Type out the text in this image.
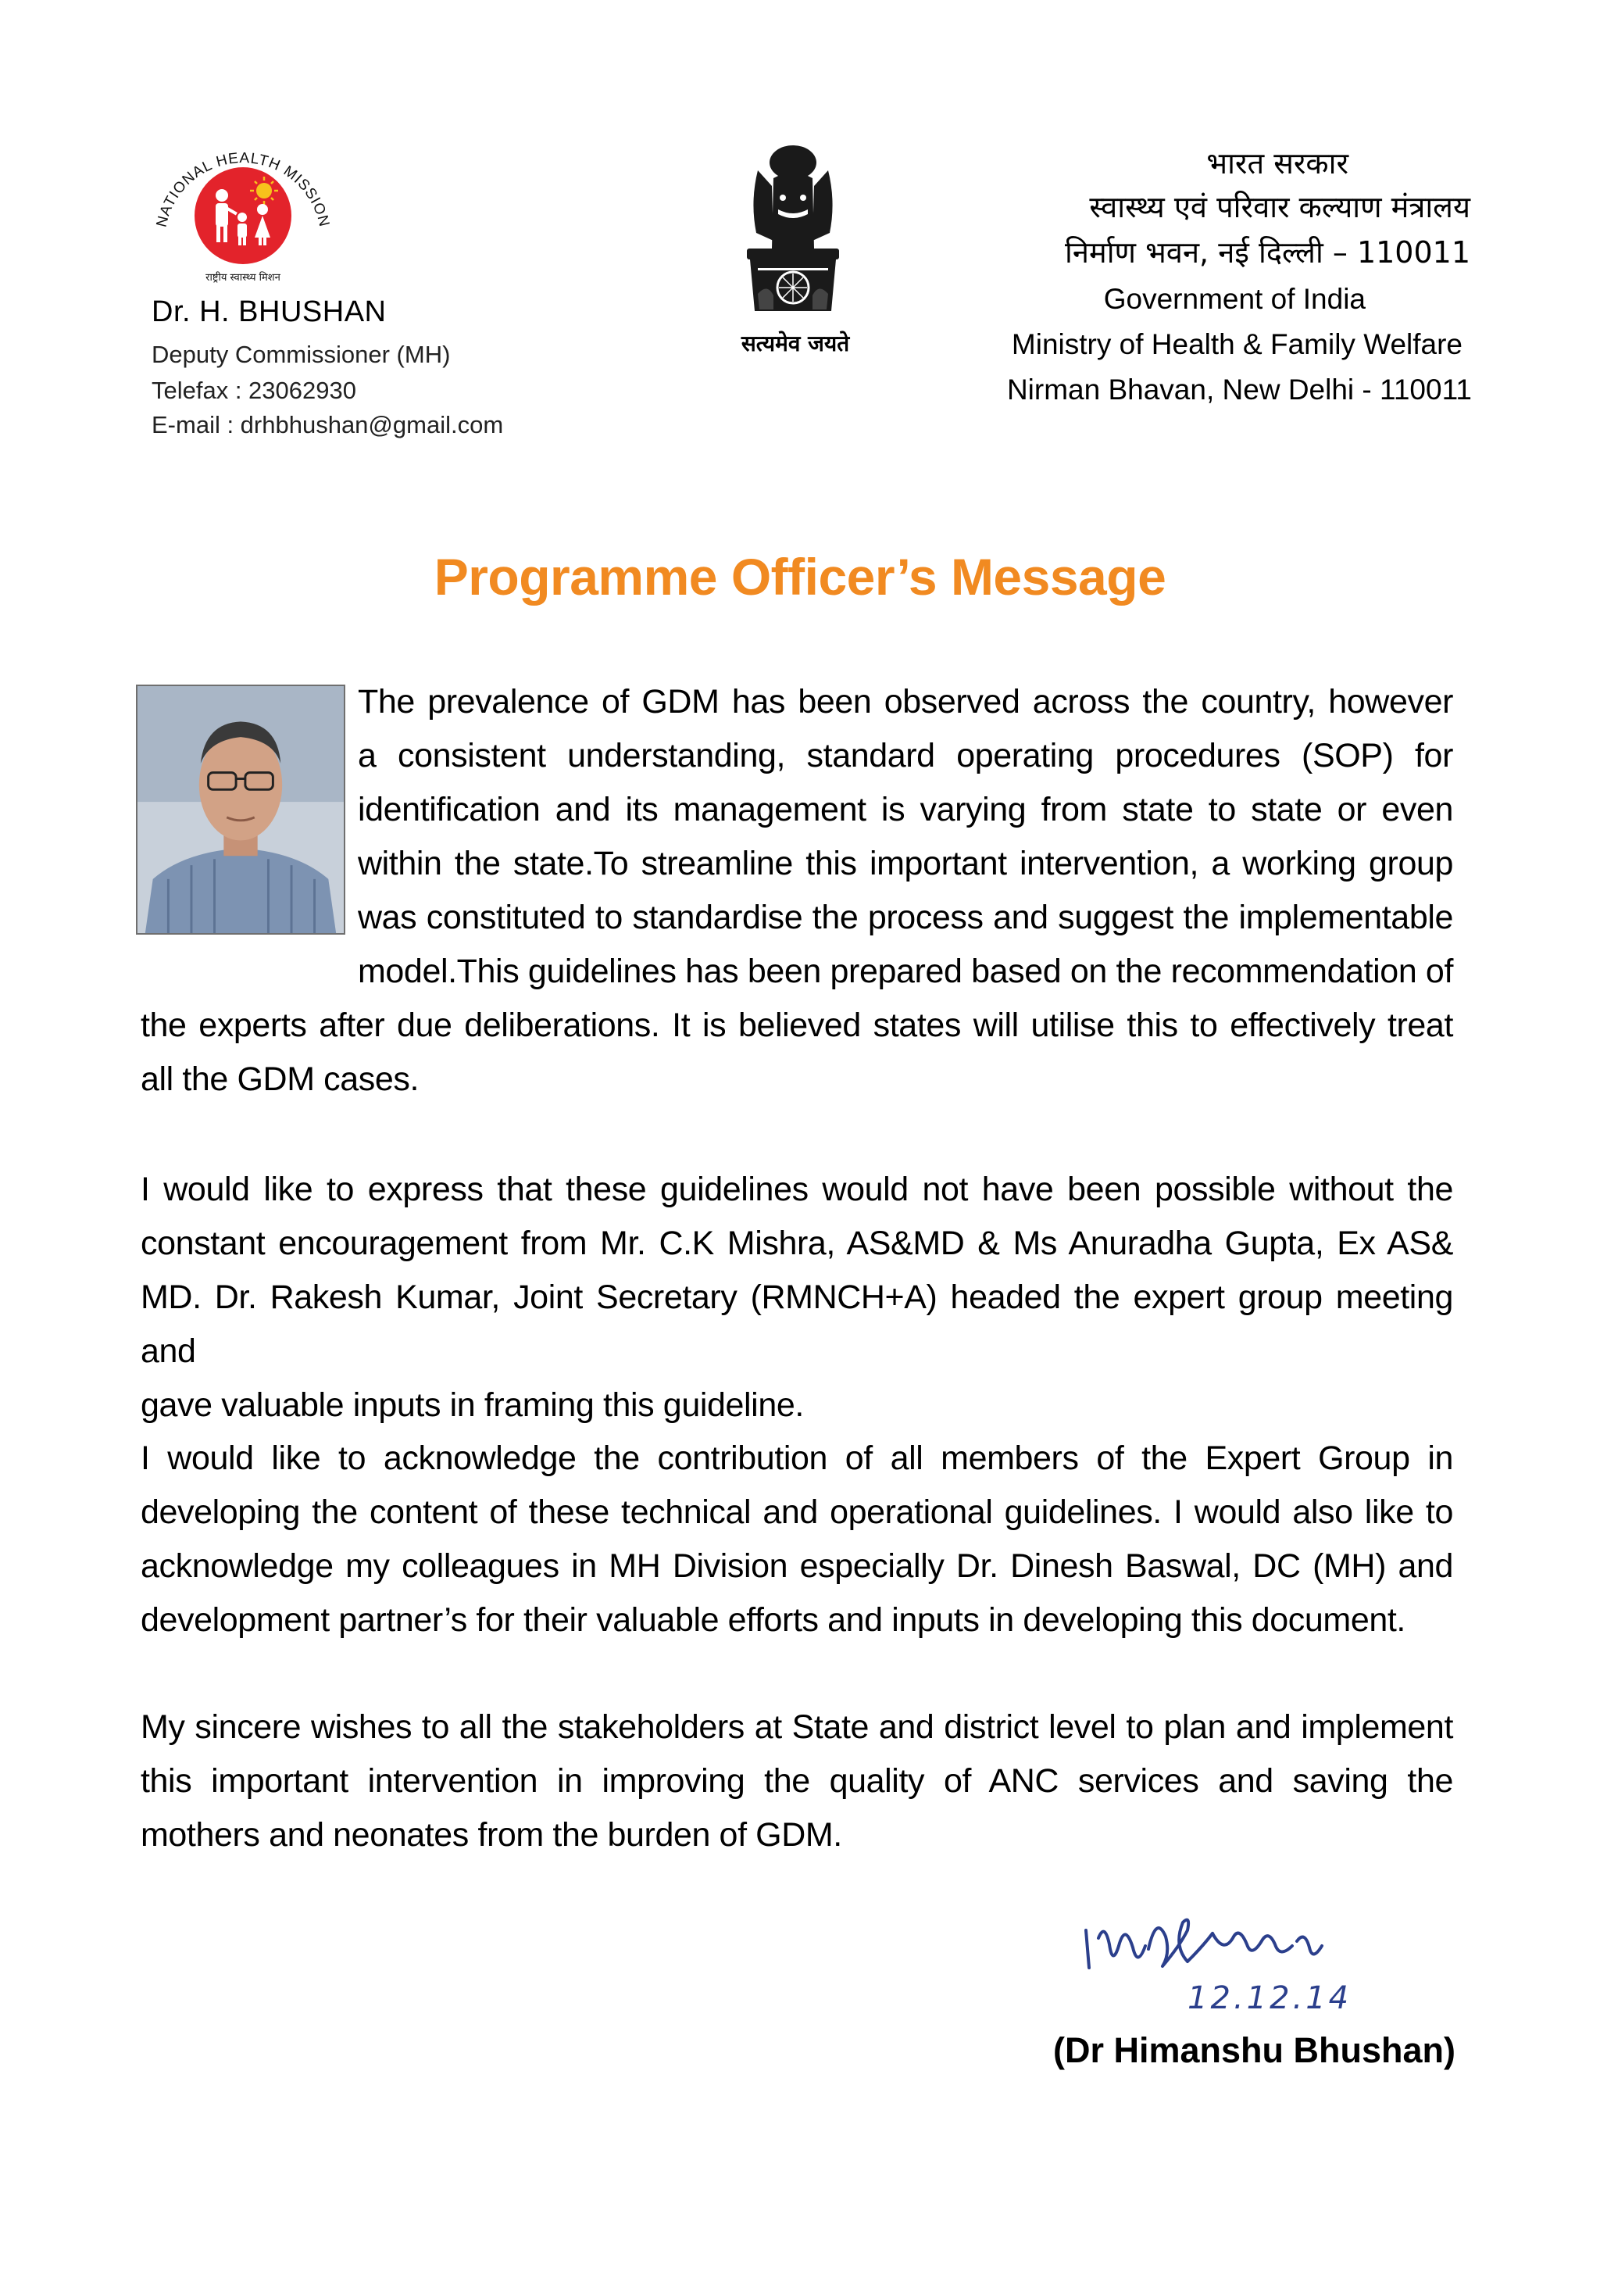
NATIONAL HEALTH MISSION
राष्ट्रीय स्वास्थ्य मिशन
Dr. H. BHUSHAN
Deputy Commissioner (MH)
Telefax : 23062930
E-mail : drhbhushan@gmail.com
सत्यमेव जयते
भारत सरकार
स्वास्थ्य एवं परिवार कल्याण मंत्रालय
निर्माण भवन, नई दिल्ली – 110011
Government of India
Ministry of Health & Family Welfare
Nirman Bhavan, New Delhi - 110011
Programme Officer’s Message
The prevalence of GDM has been observed across the country, however
a consistent understanding, standard operating procedures (SOP) for
identification and its management is varying from state to state or even
within the state.To streamline this important intervention, a working group
was constituted to standardise the process and suggest the implementable
model.This guidelines has been prepared based on the recommendation of
the experts after due deliberations. It is believed states will utilise this to effectively treat
all the GDM cases.
I would like to express that these guidelines would not have been possible without the
constant encouragement from Mr. C.K Mishra, AS&MD & Ms Anuradha Gupta, Ex AS&
MD. Dr. Rakesh Kumar, Joint Secretary (RMNCH+A) headed the expert group meeting and
gave valuable inputs in framing this guideline.
I would like to acknowledge the contribution of all members of the Expert Group in
developing the content of these technical and operational guidelines. I would also like to
acknowledge my colleagues in MH Division especially Dr. Dinesh Baswal, DC (MH) and
development partner’s for their valuable efforts and inputs in developing this document.
My sincere wishes to all the stakeholders at State and district level to plan and implement
this important intervention in improving the quality of ANC services and saving the
mothers and neonates from the burden of GDM.
12.12.14
(Dr Himanshu Bhushan)
